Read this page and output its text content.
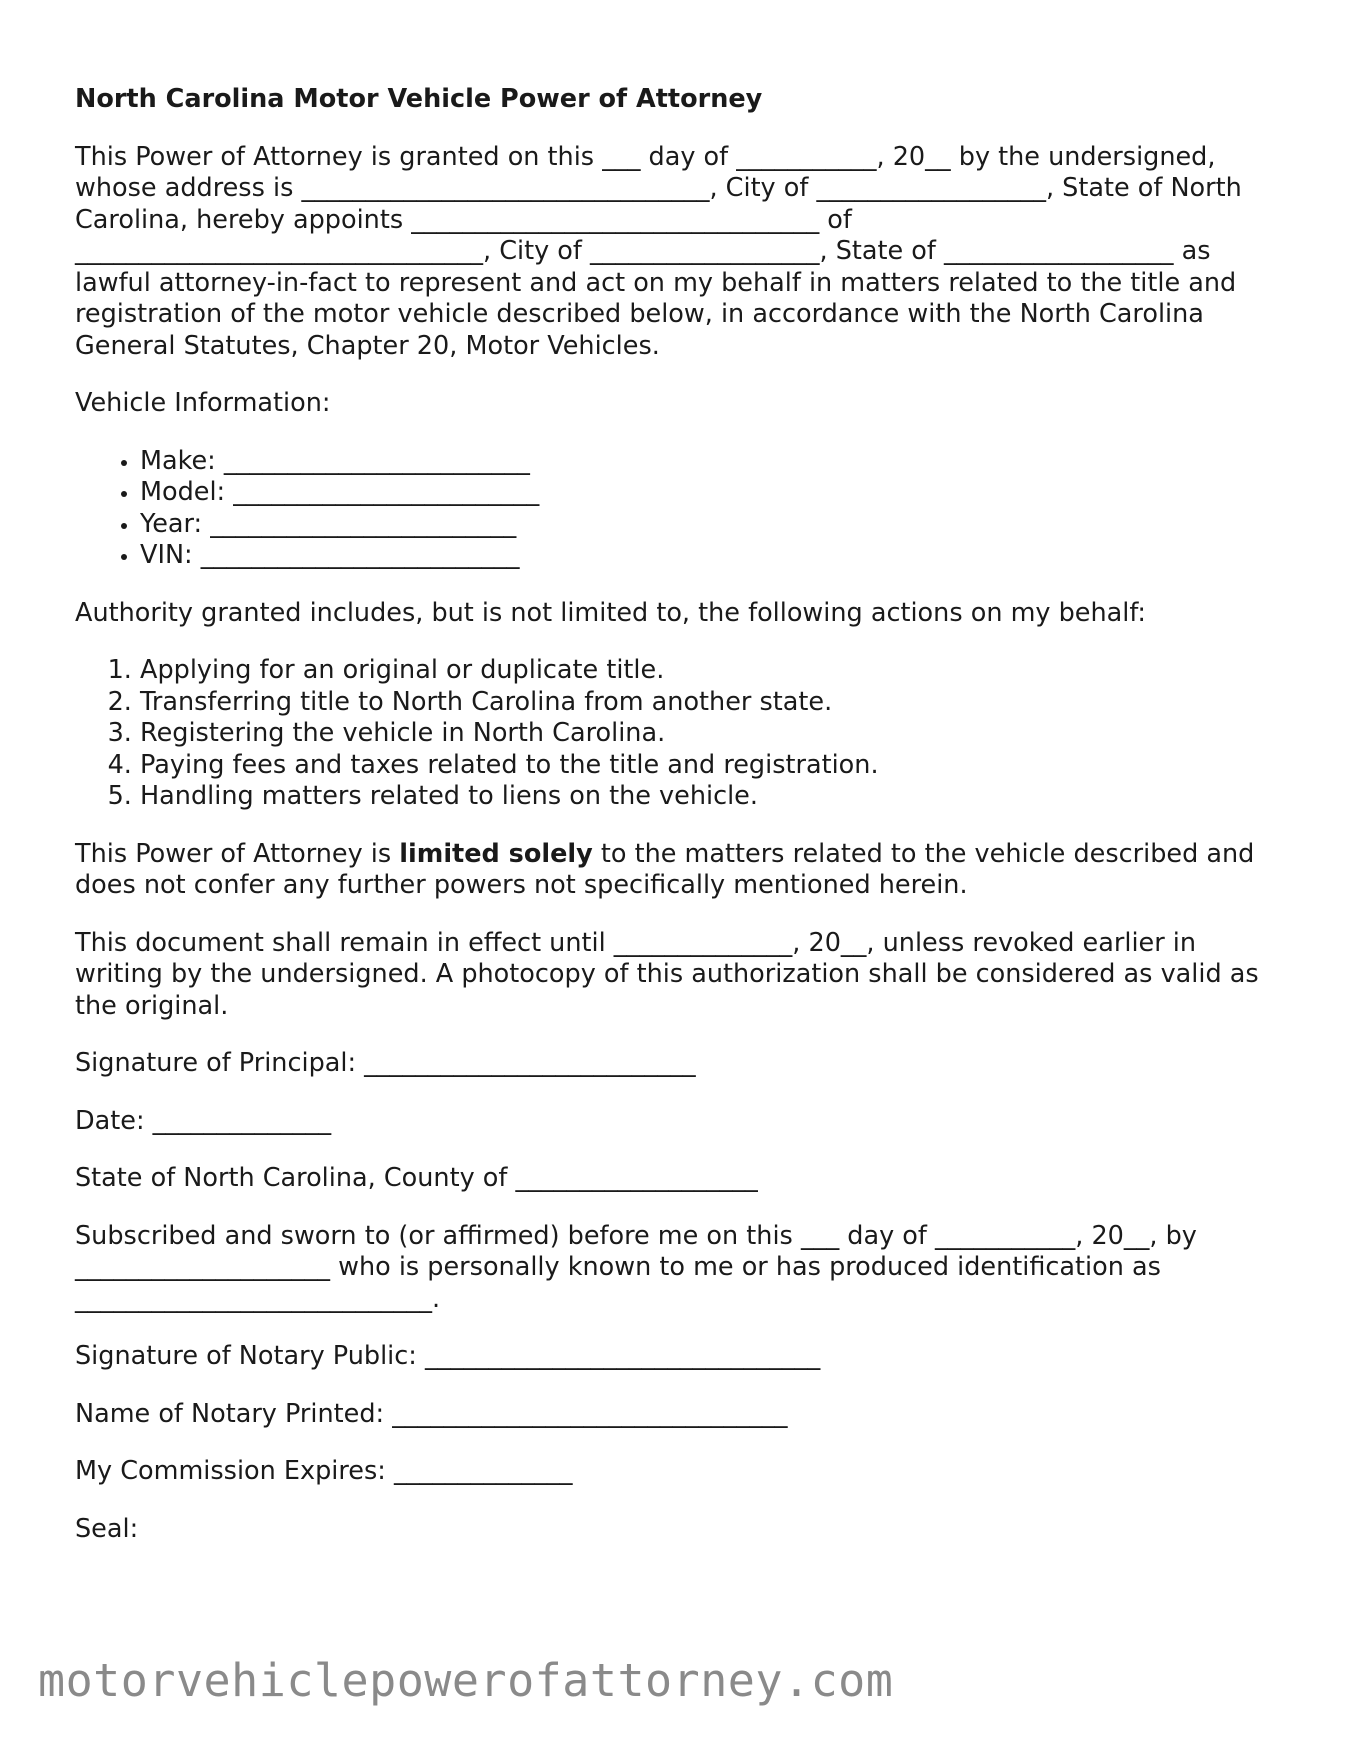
North Carolina Motor Vehicle Power of Attorney

This Power of Attorney is granted on this ___ day of ___________, 20__ by the undersigned, whose address is ________________________________, City of __________________, State of North Carolina, hereby appoints ________________________________ of ________________________________, City of __________________, State of __________________ as lawful attorney-in-fact to represent and act on my behalf in matters related to the title and registration of the motor vehicle described below, in accordance with the North Carolina General Statutes, Chapter 20, Motor Vehicles.

Vehicle Information:

• Make: ________________________
• Model: ________________________
• Year: ________________________
• VIN: _________________________

Authority granted includes, but is not limited to, the following actions on my behalf:

1. Applying for an original or duplicate title.
2. Transferring title to North Carolina from another state.
3. Registering the vehicle in North Carolina.
4. Paying fees and taxes related to the title and registration.
5. Handling matters related to liens on the vehicle.

This Power of Attorney is limited solely to the matters related to the vehicle described and does not confer any further powers not specifically mentioned herein.

This document shall remain in effect until ______________, 20__, unless revoked earlier in writing by the undersigned. A photocopy of this authorization shall be considered as valid as the original.

Signature of Principal: __________________________

Date: ______________

State of North Carolina, County of ___________________

Subscribed and sworn to (or affirmed) before me on this ___ day of ___________, 20__, by ____________________ who is personally known to me or has produced identification as ____________________________.

Signature of Notary Public: _______________________________

Name of Notary Printed: _______________________________

My Commission Expires: ______________

Seal:

motorvehiclepowerofattorney.com
